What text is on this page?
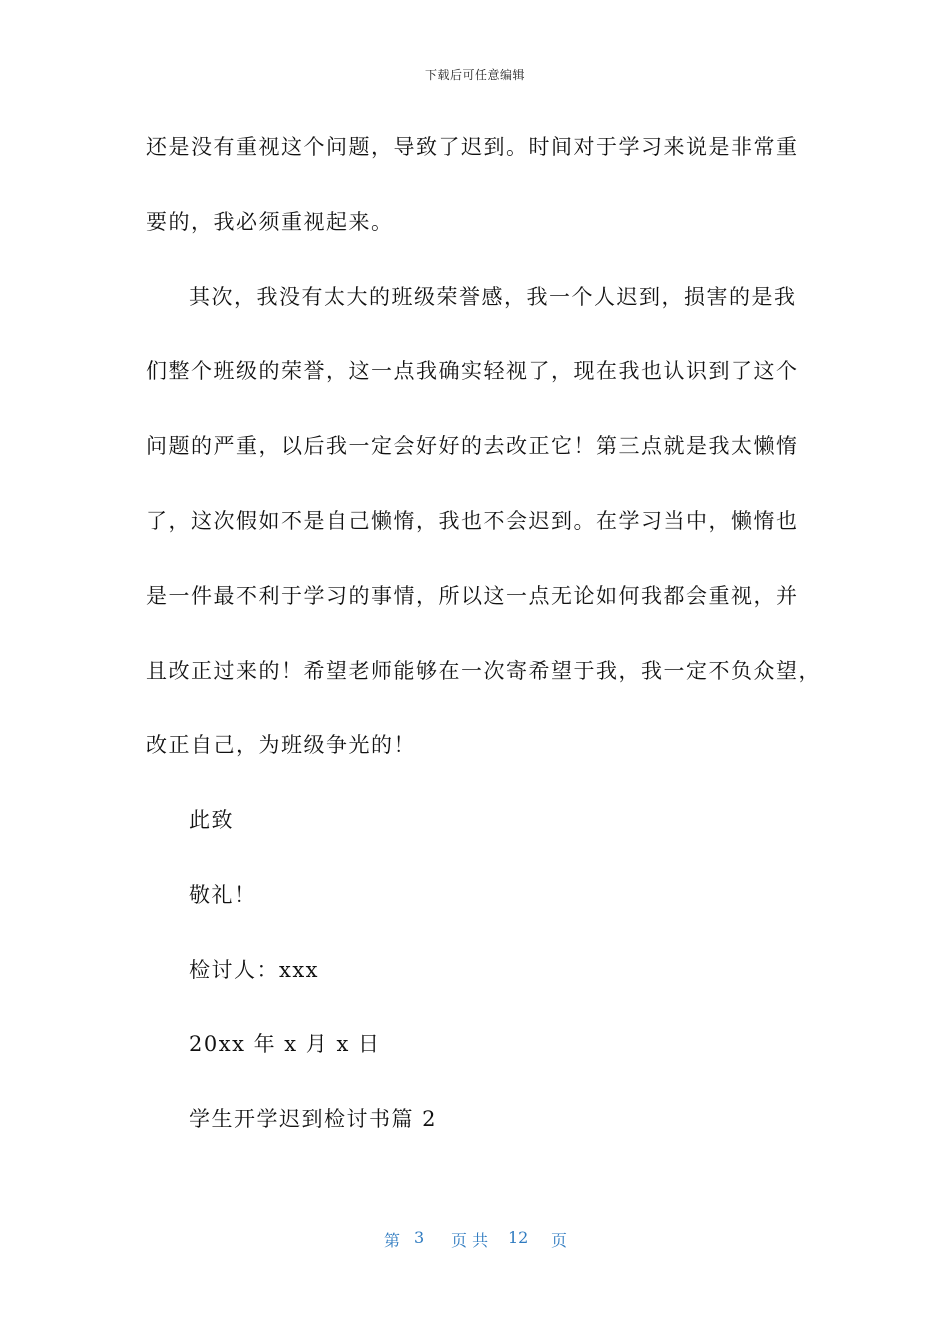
下载后可任意编辑
还是没有重视这个问题，导致了迟到。时间对于学习来说是非常重
要的，我必须重视起来。
其次，我没有太大的班级荣誉感，我一个人迟到，损害的是我
们整个班级的荣誉，这一点我确实轻视了，现在我也认识到了这个
问题的严重，以后我一定会好好的去改正它！第三点就是我太懒惰
了，这次假如不是自己懒惰，我也不会迟到。在学习当中，懒惰也
是一件最不利于学习的事情，所以这一点无论如何我都会重视，并
且改正过来的！希望老师能够在一次寄希望于我，我一定不负众望，
改正自己，为班级争光的！
此致
敬礼！
检讨人：xxx
20xx 年 x 月 x 日
学生开学迟到检讨书篇 2
第 3 页 共 12 页
